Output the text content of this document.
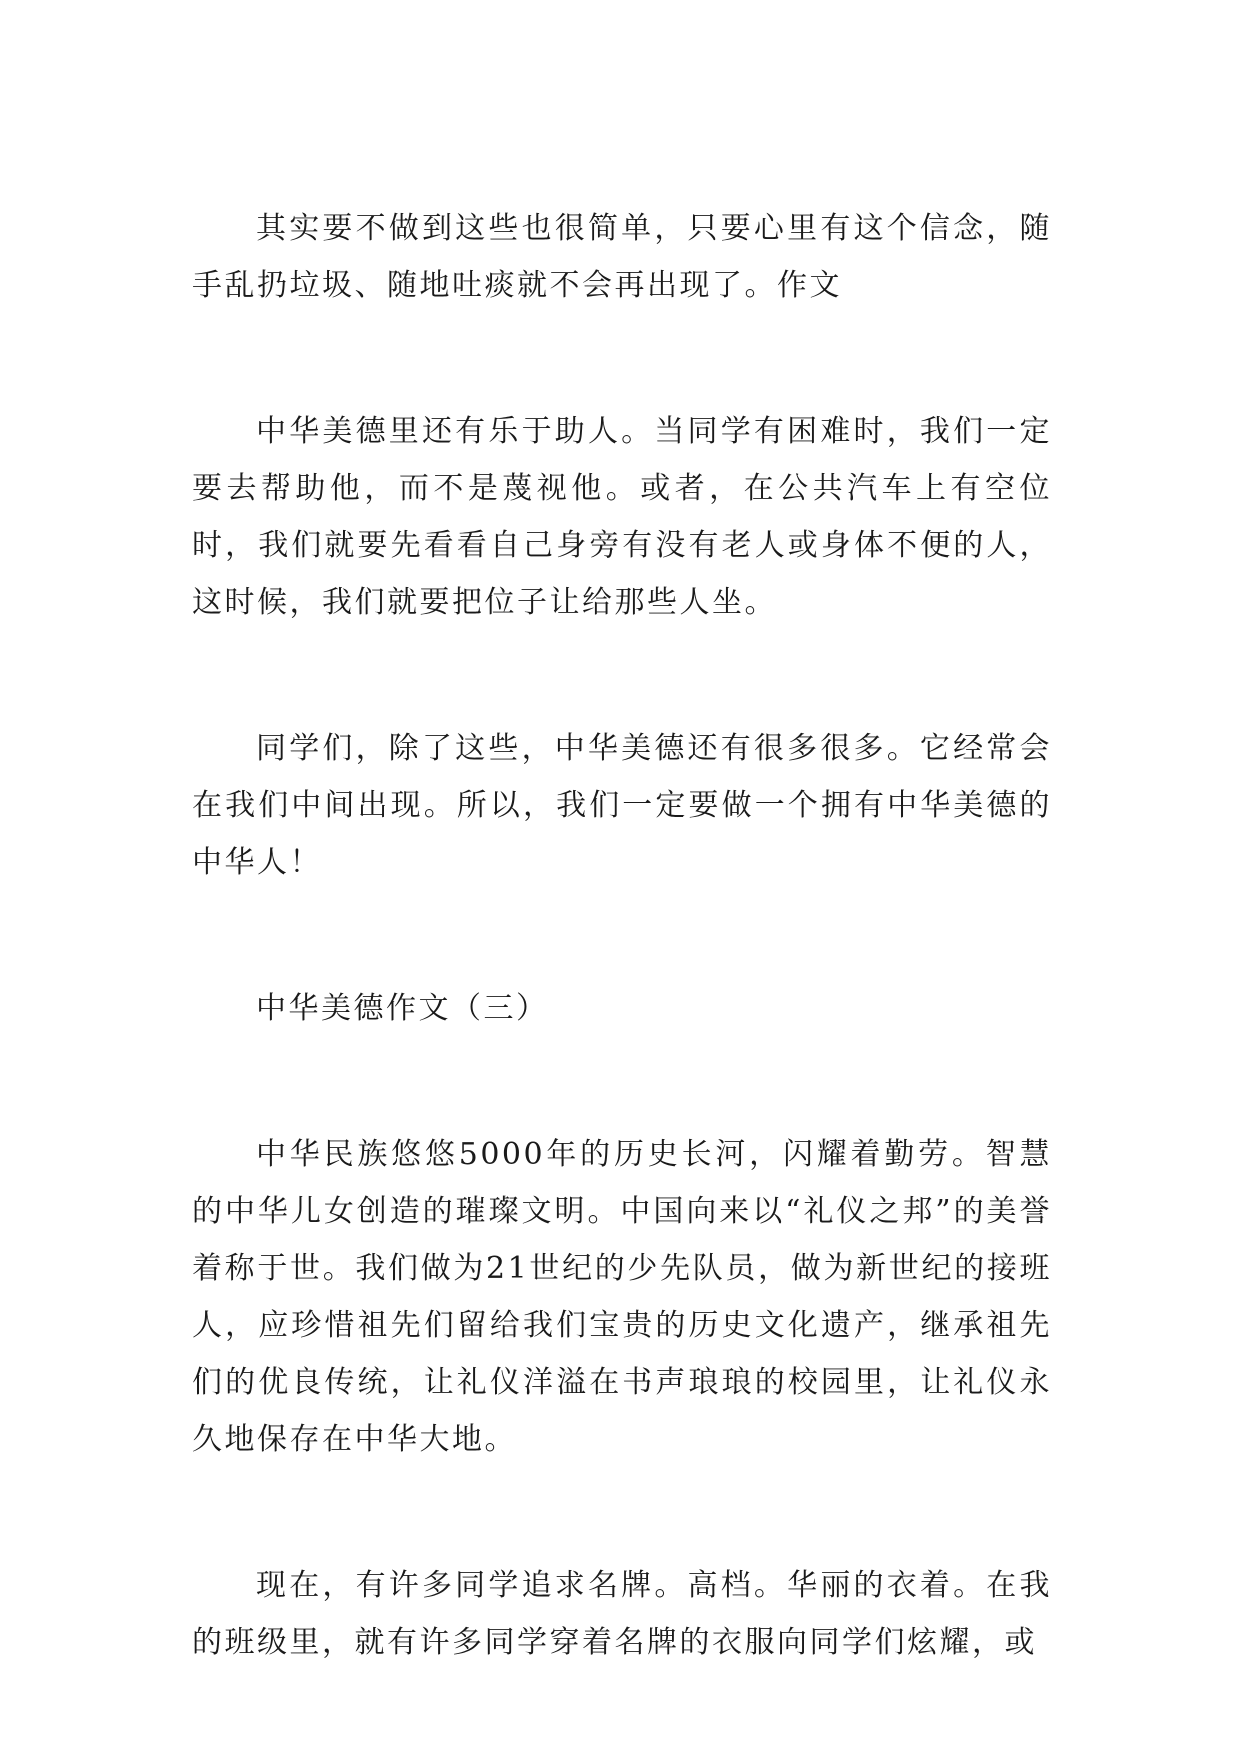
其实要不做到这些也很简单，只要心里有这个信念，随手乱扔垃圾、随地吐痰就不会再出现了。作文

中华美德里还有乐于助人。当同学有困难时，我们一定要去帮助他，而不是蔑视他。或者，在公共汽车上有空位时，我们就要先看看自己身旁有没有老人或身体不便的人，这时候，我们就要把位子让给那些人坐。

同学们，除了这些，中华美德还有很多很多。它经常会在我们中间出现。所以，我们一定要做一个拥有中华美德的中华人！

中华美德作文（三）

中华民族悠悠5000年的历史长河，闪耀着勤劳。智慧的中华儿女创造的璀璨文明。中国向来以“礼仪之邦”的美誉着称于世。我们做为21世纪的少先队员，做为新世纪的接班人，应珍惜祖先们留给我们宝贵的历史文化遗产，继承祖先们的优良传统，让礼仪洋溢在书声琅琅的校园里，让礼仪永久地保存在中华大地。

现在，有许多同学追求名牌。高档。华丽的衣着。在我的班级里，就有许多同学穿着名牌的衣服向同学们炫耀，或
